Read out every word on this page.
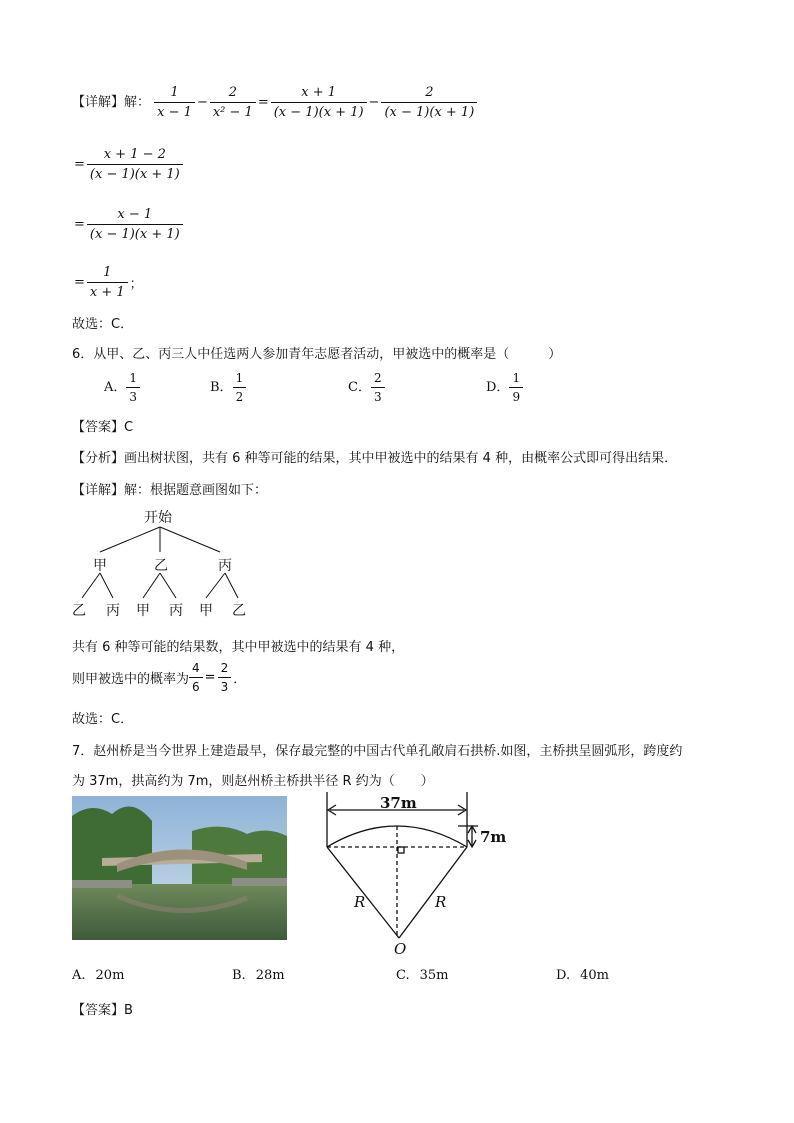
【详解】解： $\frac{1}{x - 1} - \frac{2}{\text{x² − 1}} = \frac{x + 1}{(x - 1)(x + 1)} - \frac{2}{(x - 1)(x + 1)}$
= $\frac{x + 1 - 2}{(x - 1)(x + 1)}$
= $\frac{x - 1}{(x - 1)(x + 1)}$
= $\frac{1}{x + 1}$ ；
故选：C．
6．从甲、乙、丙三人中任选两人参加青年志愿者活动，甲被选中的概率是（　　　）
A． $\frac{1}{3}$	B． $\frac{1}{2}$	C． $\frac{2}{3}$	D． $\frac{1}{9}$
【答案】C
【分析】画出树状图，共有 6 种等可能的结果，其中甲被选中的结果有 4 种，由概率公式即可得出结果．
【详解】解：根据题意画图如下：
开始
甲	乙	丙
乙 丙 甲 丙 甲 乙
共有 6 种等可能的结果数，其中甲被选中的结果有 4 种，
则甲被选中的概率为 $\frac{4}{6} = \frac{2}{3}$ ．
故选：C．
7．赵州桥是当今世界上建造最早，保存最完整的中国古代单孔敞肩石拱桥.如图，主桥拱呈圆弧形，跨度约
为 37m，拱高约为 7m，则赵州桥主桥拱半径 R 约为（　　）
37m
7m
R	R
O
A. 20m	B. 28m	C. 35m	D. 40m
【答案】B
